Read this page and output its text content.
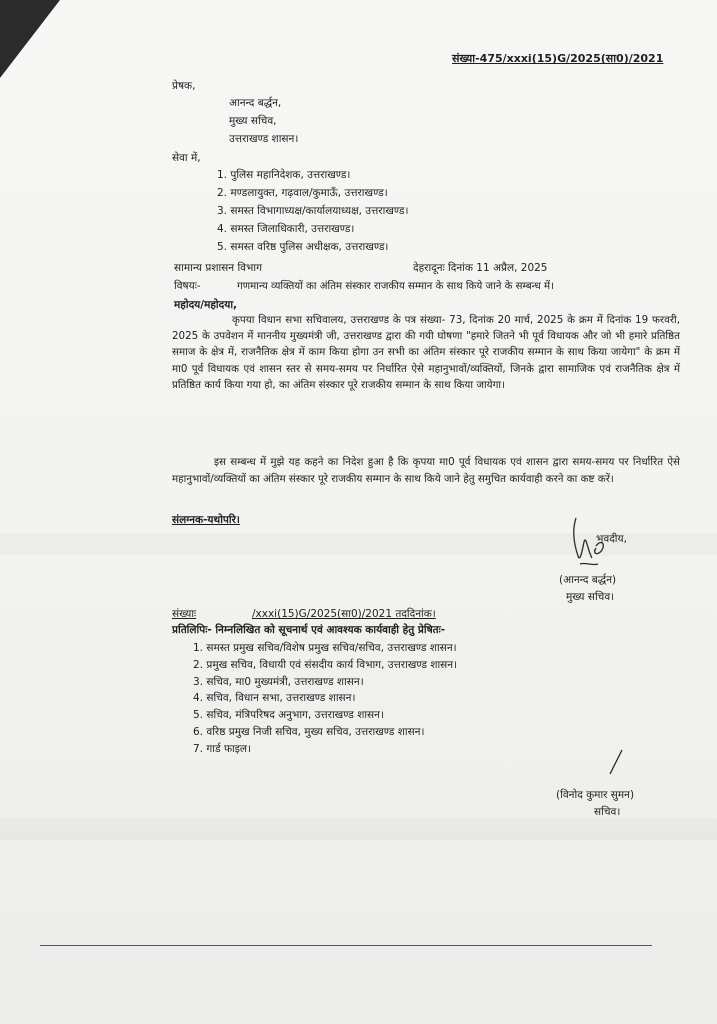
संख्या-475/xxxi(15)G/2025(सा0)/2021
प्रेषक,
आनन्द बर्द्धन,
मुख्य सचिव,
उत्तराखण्ड शासन।
सेवा में,
1. पुलिस महानिदेशक, उत्तराखण्ड।
2. मण्डलायुक्त, गढ़वाल/कुमाऊँ, उत्तराखण्ड।
3. समस्त विभागाध्यक्ष/कार्यालयाध्यक्ष, उत्तराखण्ड।
4. समस्त जिलाधिकारी, उत्तराखण्ड।
5. समस्त वरिष्ठ पुलिस अधीक्षक, उत्तराखण्ड।
सामान्य प्रशासन विभाग	देहरादूनः दिनांक 11 अप्रैल, 2025
विषयः-	गणमान्य व्यक्तियों का अंतिम संस्कार राजकीय सम्मान के साथ किये जाने के सम्बन्ध में।
महोदय/महोदया,
कृपया विधान सभा सचिवालय, उत्तराखण्ड के पत्र संख्या- 73, दिनांक 20 मार्च, 2025 के क्रम में दिनांक 19 फरवरी, 2025 के उपवेशन में माननीय मुख्यमंत्री जी, उत्तराखण्ड द्वारा की गयी घोषणा "हमारे जितने भी पूर्व विधायक और जो भी हमारे प्रतिष्ठित समाज के क्षेत्र में, राजनैतिक क्षेत्र में काम किया होगा उन सभी का अंतिम संस्कार पूरे राजकीय सम्मान के साथ किया जायेगा" के क्रम में मा0 पूर्व विधायक एवं शासन स्तर से समय-समय पर निर्धारित ऐसे महानुभावों/व्यक्तियों, जिनके द्वारा सामाजिक एवं राजनैतिक क्षेत्र में प्रतिष्ठित कार्य किया गया हो, का अंतिम संस्कार पूरे राजकीय सम्मान के साथ किया जायेगा।
इस सम्बन्ध में मुझे यह कहने का निदेश हुआ है कि कृपया मा0 पूर्व विधायक एवं शासन द्वारा समय-समय पर निर्धारित ऐसे महानुभावों/व्यक्तियों का अंतिम संस्कार पूरे राजकीय सम्मान के साथ किये जाने हेतु समुचित कार्यवाही करने का कष्ट करें।
संलग्नक-यथोपरि।
भवदीय,
(आनन्द बर्द्धन)
मुख्य सचिव।
संख्याः	/xxxi(15)G/2025(सा0)/2021 तददिनांक।
प्रतिलिपिः- निम्नलिखित को सूचनार्थ एवं आवश्यक कार्यवाही हेतु प्रेषितः-
1. समस्त प्रमुख सचिव/विशेष प्रमुख सचिव/सचिव, उत्तराखण्ड शासन।
2. प्रमुख सचिव, विधायी एवं संसदीय कार्य विभाग, उत्तराखण्ड शासन।
3. सचिव, मा0 मुख्यमंत्री, उत्तराखण्ड शासन।
4. सचिव, विधान सभा, उत्तराखण्ड शासन।
5. सचिव, मंत्रिपरिषद अनुभाग, उत्तराखण्ड शासन।
6. वरिष्ठ प्रमुख निजी सचिव, मुख्य सचिव, उत्तराखण्ड शासन।
7. गार्ड फाइल।
(विनोद कुमार सुमन)
सचिव।
